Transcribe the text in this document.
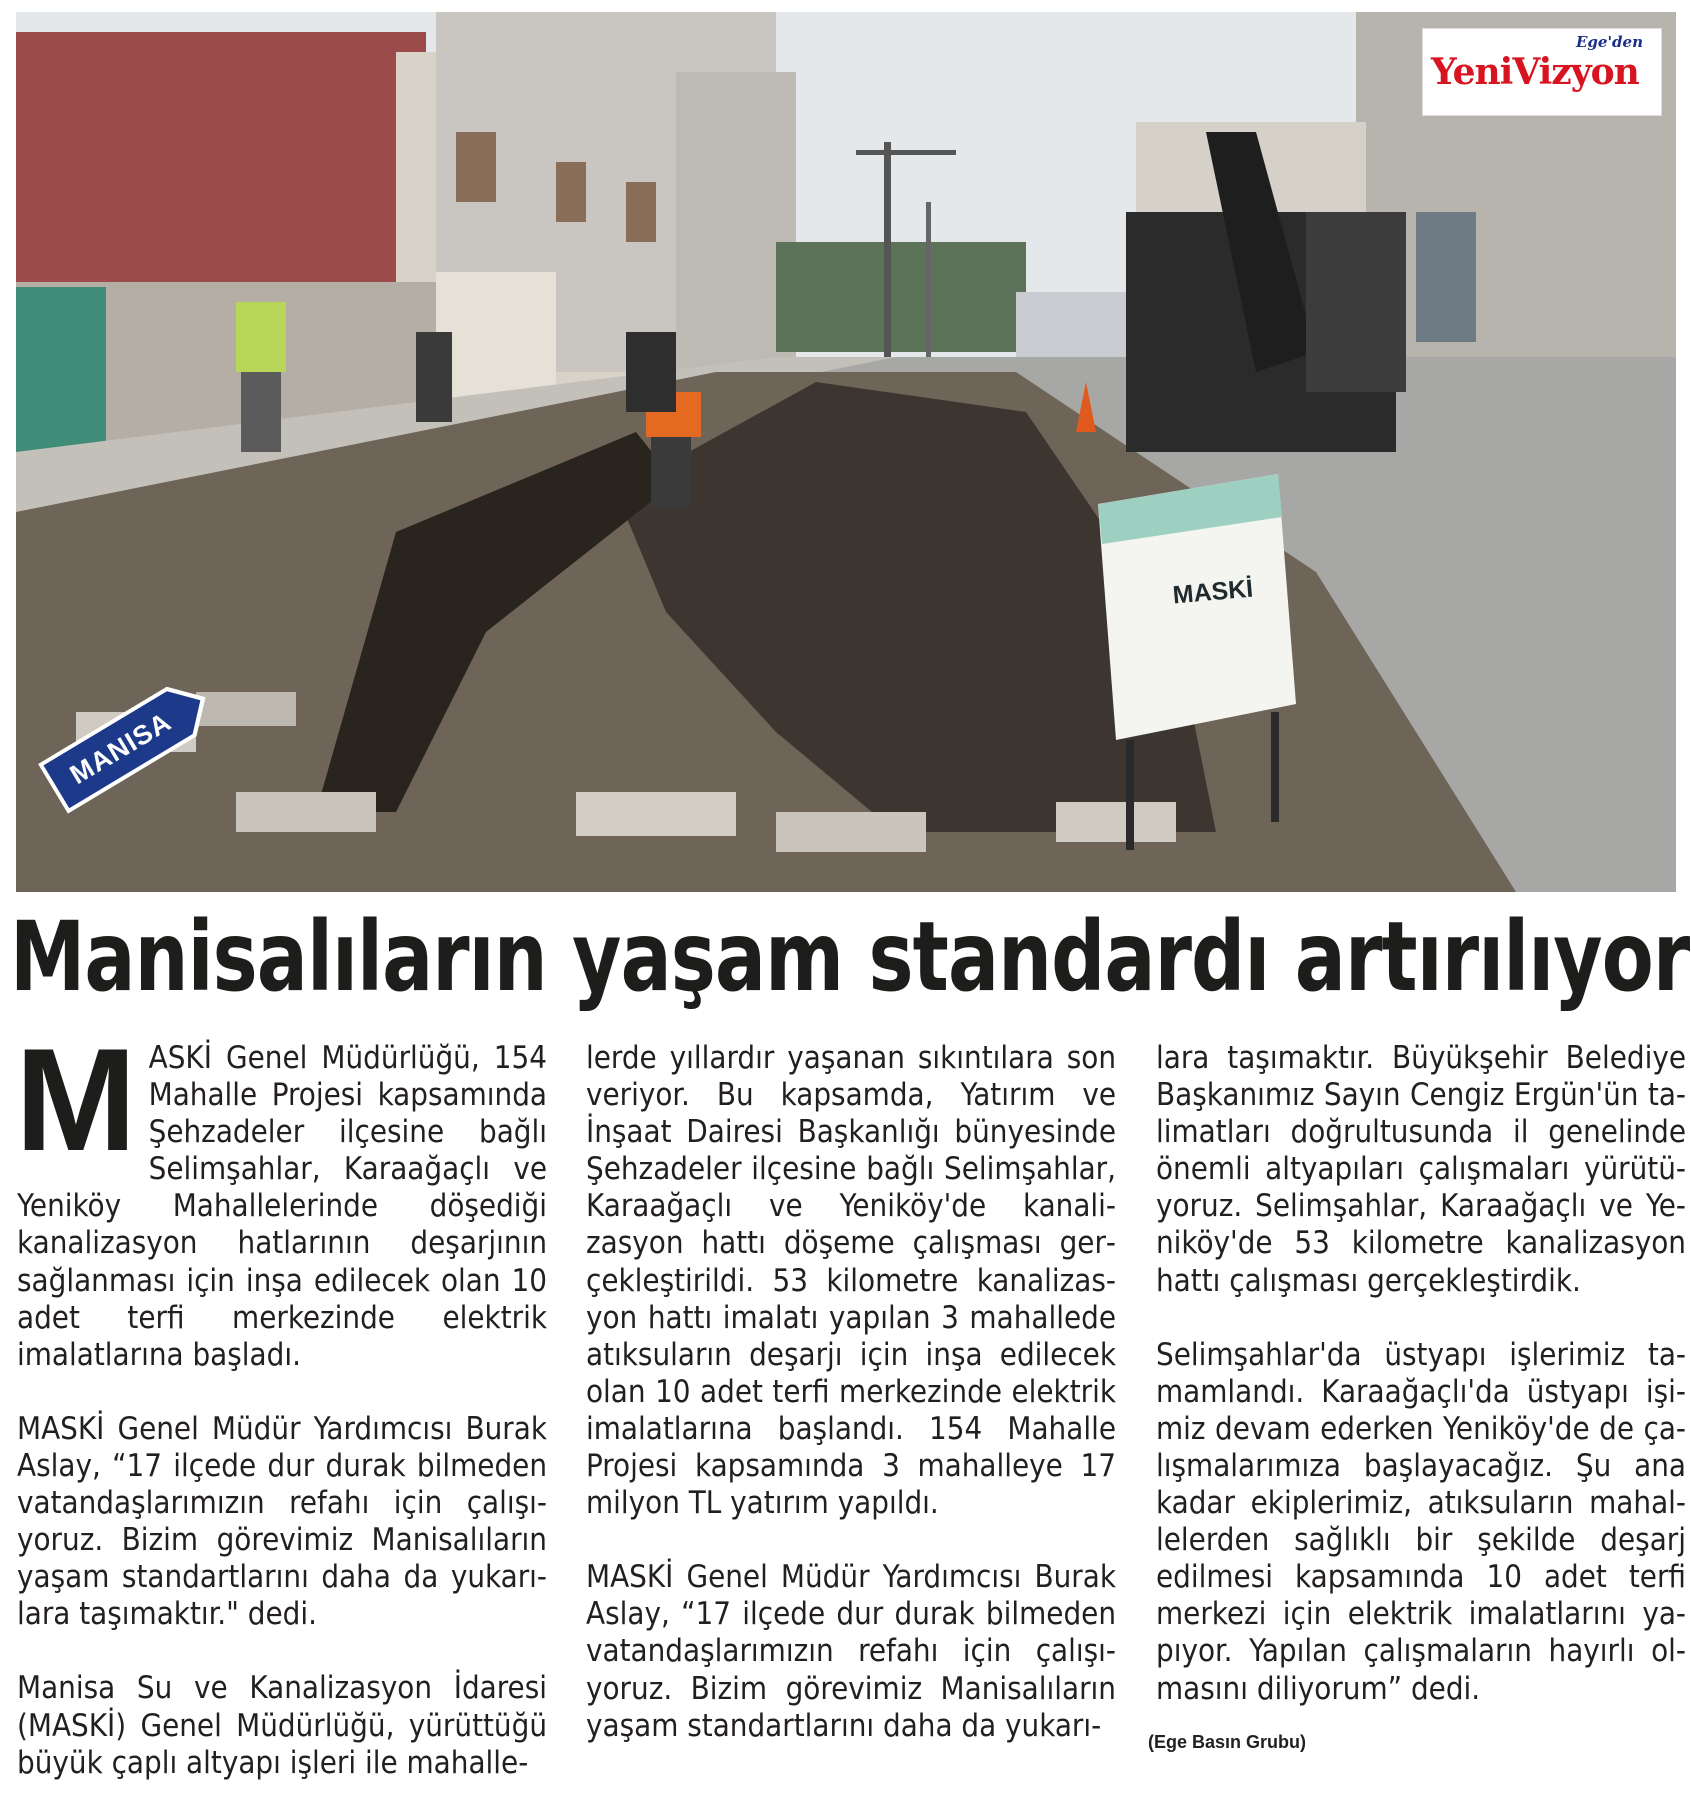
MASKİ
MANISA
Ege'den
YeniVizyon
Manisalıların yaşam standardı artırılıyor

MASKİ Genel Müdürlüğü, 154 Mahalle Projesi kapsamında Şehzadeler ilçesine bağlı Selimşahlar, Karaağaçlı ve Yeniköy Mahallelerinde döşediği kanalizasyon hatlarının deşarjının sağlanması için inşa edilecek olan 10 adet terfi merkezinde elektrik imalatlarına başladı.

MASKİ Genel Müdür Yardımcısı Burak Aslay, “17 ilçede dur durak bilmeden vatandaşlarımızın refahı için çalışıyoruz. Bizim görevimiz Manisalıların yaşam standartlarını daha da yukarılara taşımaktır." dedi.

Manisa Su ve Kanalizasyon İdaresi (MASKİ) Genel Müdürlüğü, yürüttüğü büyük çaplı altyapı işleri ile mahalle-

lerde yıllardır yaşanan sıkıntılara son veriyor. Bu kapsamda, Yatırım ve İnşaat Dairesi Başkanlığı bünyesinde Şehzadeler ilçesine bağlı Selimşahlar, Karaağaçlı ve Yeniköy'de kanalizasyon hattı döşeme çalışması gerçekleştirildi. 53 kilometre kanalizasyon hattı imalatı yapılan 3 mahallede atıksuların deşarjı için inşa edilecek olan 10 adet terfi merkezinde elektrik imalatlarına başlandı. 154 Mahalle Projesi kapsamında 3 mahalleye 17 milyon TL yatırım yapıldı.

MASKİ Genel Müdür Yardımcısı Burak Aslay, “17 ilçede dur durak bilmeden vatandaşlarımızın refahı için çalışıyoruz. Bizim görevimiz Manisalıların yaşam standartlarını daha da yukarı-

lara taşımaktır. Büyükşehir Belediye Başkanımız Sayın Cengiz Ergün'ün talimatları doğrultusunda il genelinde önemli altyapıları çalışmaları yürütüyoruz. Selimşahlar, Karaağaçlı ve Yeniköy'de 53 kilometre kanalizasyon hattı çalışması gerçekleştirdik.

Selimşahlar'da üstyapı işlerimiz tamamlandı. Karaağaçlı'da üstyapı işimiz devam ederken Yeniköy'de de çalışmalarımıza başlayacağız. Şu ana kadar ekiplerimiz, atıksuların mahallelerden sağlıklı bir şekilde deşarj edilmesi kapsamında 10 adet terfi merkezi için elektrik imalatlarını yapıyor. Yapılan çalışmaların hayırlı olmasını diliyorum” dedi.

(Ege Basın Grubu)
